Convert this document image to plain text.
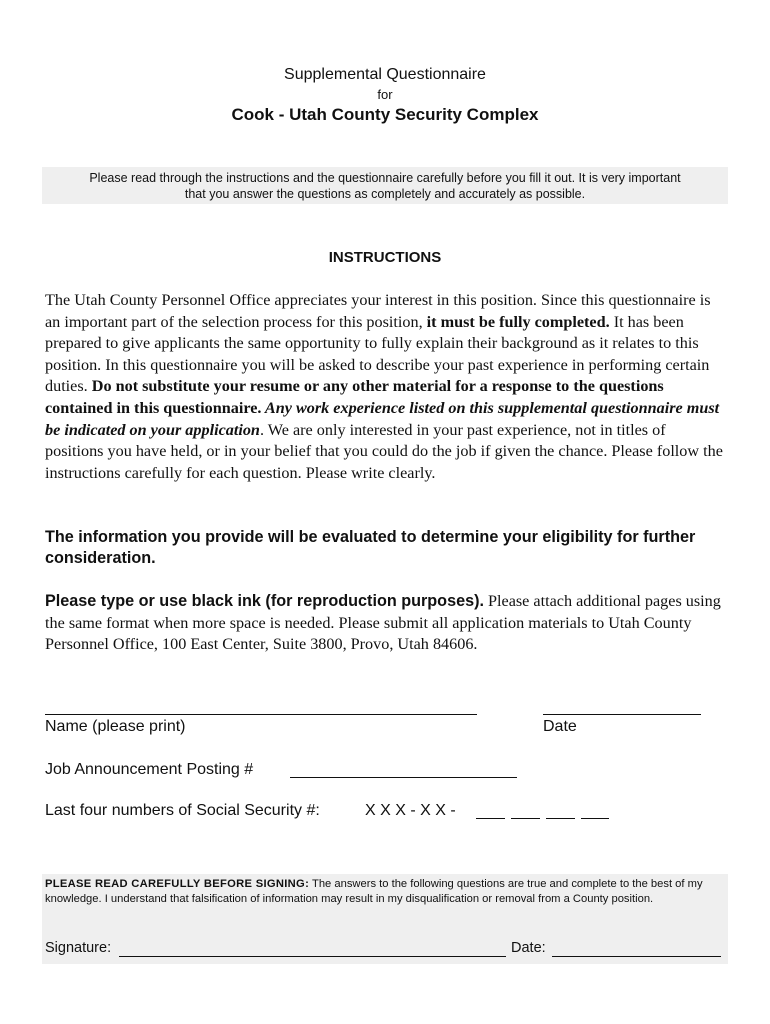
Supplemental Questionnaire
for
Cook - Utah County Security Complex
Please read through the instructions and the questionnaire carefully before you fill it out. It is very important
that you answer the questions as completely and accurately as possible.
INSTRUCTIONS
The Utah County Personnel Office appreciates your interest in this position. Since this questionnaire is an important part of the selection process for this position, it must be fully completed. It has been prepared to give applicants the same opportunity to fully explain their background as it relates to this position. In this questionnaire you will be asked to describe your past experience in performing certain duties. Do not substitute your resume or any other material for a response to the questions contained in this questionnaire. Any work experience listed on this supplemental questionnaire must be indicated on your application. We are only interested in your past experience, not in titles of positions you have held, or in your belief that you could do the job if given the chance. Please follow the instructions carefully for each question. Please write clearly.
The information you provide will be evaluated to determine your eligibility for further consideration.
Please type or use black ink (for reproduction purposes). Please attach additional pages using the same format when more space is needed. Please submit all application materials to Utah County Personnel Office, 100 East Center, Suite 3800, Provo, Utah 84606.
Name (please print)	Date
Job Announcement Posting #
Last four numbers of Social Security #:	X X X - X X -
PLEASE READ CAREFULLY BEFORE SIGNING: The answers to the following questions are true and complete to the best of my knowledge. I understand that falsification of information may result in my disqualification or removal from a County position.
Signature:	Date:
